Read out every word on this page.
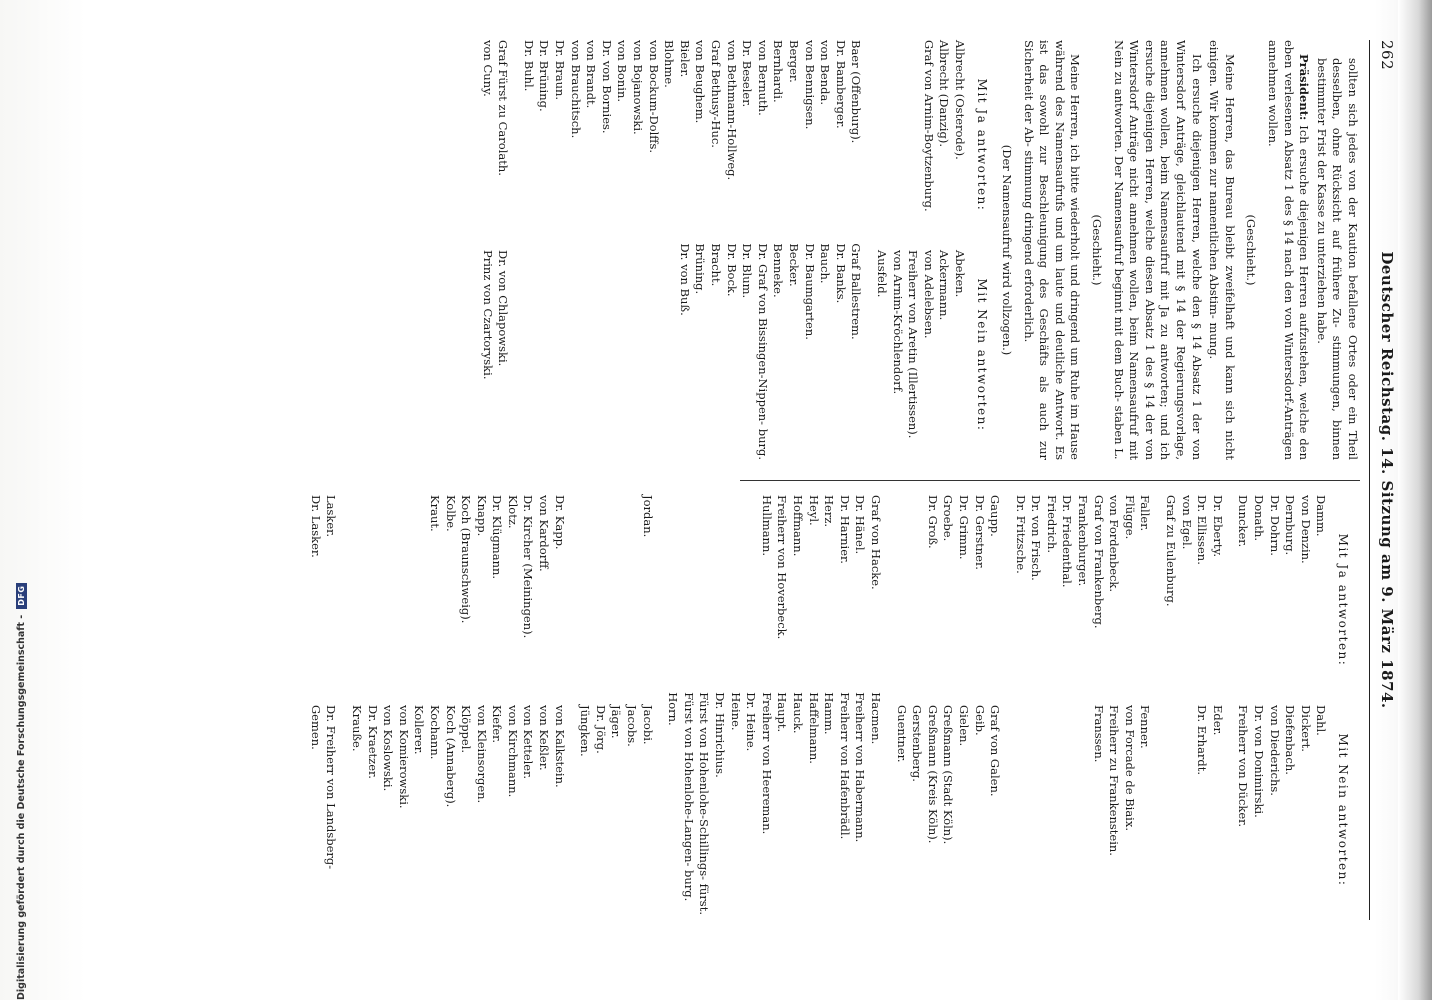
262
Deutscher Reichstag. 14. Sitzung am 9. März 1874.

sollten sich jedes von der Kaution befallene Ortes oder ein Theil desselben, ohne Rücksicht auf frühere Zu- stimmungen, binnen bestimmter Frist der Kasse zu unterziehen habe.

Präsident: Ich ersuche diejenigen Herren aufzustehen, welche den eben verlesenen Absatz 1 des § 14 nach den von Wintersdorf-Anträgen annehmen wollen.

(Geschieht.)

Meine Herren, das Bureau bleibt zweifelhaft und kann sich nicht einigen. Wir kommen zur namentlichen Abstim- mung.

Ich ersuche diejenigen Herren, welche den § 14 Absatz 1 der von Wintersdorf Anträge, gleichlautend mit § 14 der Regierungsvorlage, annehmen wollen, beim Namensaufruf mit Ja zu antworten; und ich ersuche diejenigen Herren, welche diesen Absatz 1 des § 14 der von Wintersdorf Anträge nicht annehmen wollen, beim Namensaufruf mit Nein zu antworten. Der Namensaufruf beginnt mit dem Buch- staben L.

(Geschieht.)

Meine Herren, ich bitte wiederholt und dringend um Ruhe im Hause während des Namensaufrufs und um laute und deutliche Antwort. Es ist das sowohl zur Beschleunigung des Geschäfts als auch zur Sicherheit der Ab- stimmung dringend erforderlich.

(Der Namensaufruf wird vollzogen.)

Mit Ja antworten:
Mit Nein antworten:
Albrecht (Osterode).
Albrecht (Danzig).
Graf von Arnim-Boytzenburg.
Abeken.
Ackermann.
von Adelebsen.
Freiherr von Aretin (Illertissen).
von Arnim-Kröchlendorf.
Ausfeld.
Baer (Offenburg).
Dr. Bamberger.
von Benda.
von Bennigsen.
Berger.
Bernhardi.
von Bernuth.
Dr. Beseler.
von Bethmann-Hollweg.
Graf Bethusy-Huc.
von Beughem.
Bieler.
Blohme.
von Bockum-Dolffs.
von Bojanowski.
von Bonin.
Dr. von Bornies.
von Brandt.
von Brauchitsch.
Dr. Braun.
Dr. Brüning.
Dr. Buhl.
Graf Ballestrem.
Dr. Banks.
Bauch.
Dr. Baumgarten.
Becker.
Benneke.
Dr. Graf von Bissingen-Nippen- burg.
Dr. Blum.
Dr. Bock.
Bracht.
Brüning.
Dr. von Buß.
Graf Fürst zu Carolath.
von Cuny.
Dr. von Chlapowski.
Prinz von Czartoryski.
Mit Ja antworten:
Mit Nein antworten:
Damm.
von Denzin.
Dernburg.
Dr. Dohrn.
Donath.
Duncker.
Dahl.
Dickert.
Diefenbach.
von Diederichs.
Dr. von Donimirski.
Freiherr von Dücker.
Dr. Eberty.
Dr. Ellissen.
von Egel.
Graf zu Eulenburg.
Eder.
Dr. Erhardt.
Faller.
Flügge.
von Fordenbeck.
Graf von Frankenberg.
Frankenburger.
Dr. Friedenthal.
Friedrich.
Dr. von Frisch.
Dr. Fritzsche.
Fenner.
von Forcade de Biaix.
Freiherr zu Frankenstein.
Franssen.
Gaupp.
Dr. Gerstner.
Dr. Grimm.
Groebe.
Dr. Groß.
Graf von Galen.
Geib.
Gielen.
Greßmann (Stadt Köln).
Greßmann (Kreis Köln).
Gerstenberg.
Guentner.
Graf von Hacke.
Dr. Hänel.
Dr. Harnier.
Herz.
Heyl.
Hoffmann.
Freiherr von Hoverbeck.
Hullmann.
Hacmen.
Freiherr von Habermann.
Freiherr von Hafenbrädl.
Hamm.
Haffelmann.
Hauck.
Haupt.
Freiherr von Heereman.
Dr. Heine.
Heine.
Dr. Hinrichius.
Fürst von Hohenlohe-Schillings- fürst.
Fürst von Hohenlohe-Langen- burg.
Horn.
Jordan.
Jacobi.
Jacobs.
Jäger.
Dr. Jörg.
Jüngken.
Dr. Kapp.
von Kardorff.
Dr. Kircher (Meiningen).
Klotz.
Dr. Klügmann.
Knapp.
Koch (Braunschweig).
Kolbe.
Kraut.
von Kalkstein.
von Keßler.
von Ketteler.
von Kirchmann.
Kiefer.
von Kleinsorgen.
Klöppel.
Koch (Annaberg).
Kochann.
Kollerer.
von Komierowski.
von Koslowski.
Dr. Kraetzer.
Krauße.
Lasker.
Dr. Lasker.
Dr. Freiherr von Landsberg-
Gemen.
Digitalisierung gefördert durch die Deutsche Forschungsgemeinschaft -
DFG
